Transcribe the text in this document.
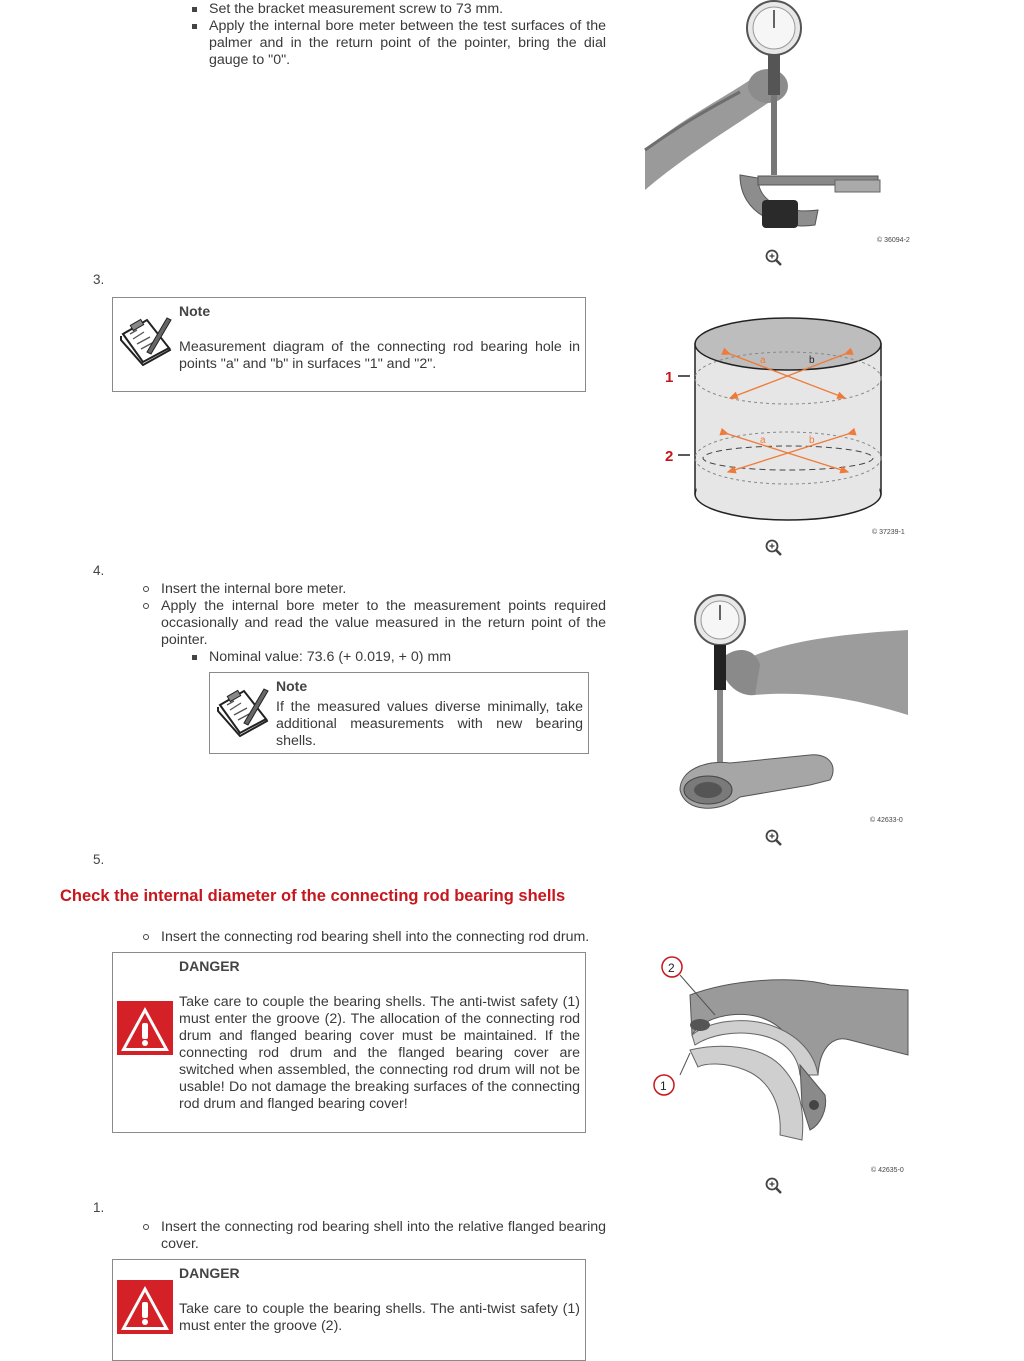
Set the bracket measurement screw to 73 mm.
Apply the internal bore meter between the test surfaces of the palmer and in the return point of the pointer, bring the dial gauge to "0".
© 36094-2
3.
Note
Measurement diagram of the connecting rod bearing hole in points "a" and "b" in surfaces "1" and "2".	a	b
a	b
1
2
© 37239-1
4.
Insert the internal bore meter.
Apply the internal bore meter to the measurement points required occasionally and read the value measured in the return point of the pointer.
Nominal value: 73.6 (+ 0.019, + 0) mm
Note
If the measured values diverse minimally, take additional measurements with new bearing shells.
© 42633-0
5.
Check the internal diameter of the connecting rod bearing shells
Insert the connecting rod bearing shell into the connecting rod drum.
DANGER
Take care to couple the bearing shells. The anti-twist safety (1) must enter the groove (2). The allocation of the connecting rod drum and flanged bearing cover must be maintained. If the connecting rod drum and the flanged bearing cover are switched when assembled, the connecting rod drum will not be usable! Do not damage the breaking surfaces of the connecting rod drum and flanged bearing cover!
2
1
© 42635-0
1.
Insert the connecting rod bearing shell into the relative flanged bearing cover.
DANGER
Take care to couple the bearing shells. The anti-twist safety (1) must enter the groove (2).
